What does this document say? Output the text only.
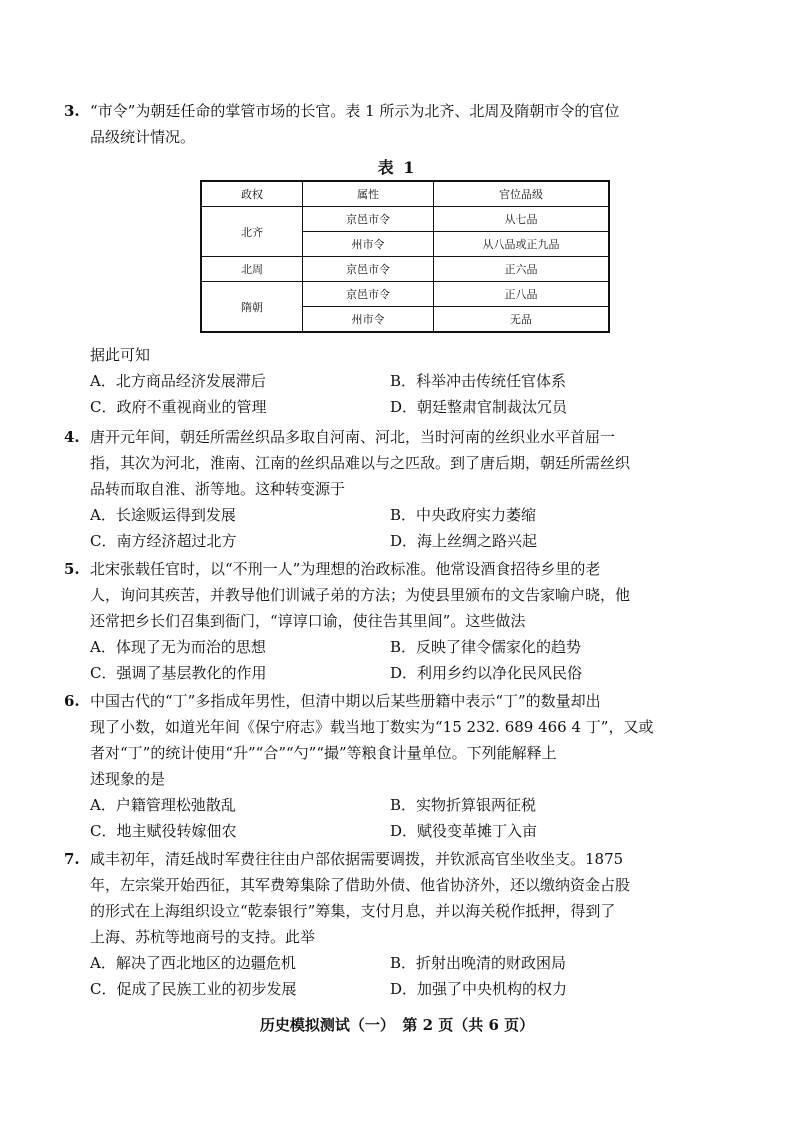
3. “市令”为朝廷任命的掌管市场的长官。表 1 所示为北齐、北周及隋朝市令的官位
品级统计情况。
表 1
政权	属性	官位品级
北齐	京邑市令	从七品
	州市令	从八品或正九品
北周	京邑市令	正六品
隋朝	京邑市令	正八品
	州市令	无品
据此可知
A．北方商品经济发展滞后	B．科举冲击传统任官体系
C．政府不重视商业的管理	D．朝廷整肃官制裁汰冗员
4. 唐开元年间，朝廷所需丝织品多取自河南、河北，当时河南的丝织业水平首屈一
指，其次为河北，淮南、江南的丝织品难以与之匹敌。到了唐后期，朝廷所需丝织
品转而取自淮、浙等地。这种转变源于
A．长途贩运得到发展	B．中央政府实力萎缩
C．南方经济超过北方	D．海上丝绸之路兴起
5. 北宋张载任官时，以“不刑一人”为理想的治政标准。他常设酒食招待乡里的老
人，询问其疾苦，并教导他们训诫子弟的方法；为使县里颁布的文告家喻户晓，他
还常把乡长们召集到衙门，“谆谆口谕，使往告其里闾”。这些做法
A．体现了无为而治的思想	B．反映了律令儒家化的趋势
C．强调了基层教化的作用	D．利用乡约以净化民风民俗
6. 中国古代的“丁”多指成年男性，但清中期以后某些册籍中表示“丁”的数量却出
现了小数，如道光年间《保宁府志》载当地丁数实为“15 232. 689 466 4 丁”，又或
者对“丁”的统计使用“升”“合”“勺”“撮”等粮食计量单位。下列能解释上
述现象的是
A．户籍管理松弛散乱	B．实物折算银两征税
C．地主赋役转嫁佃农	D．赋役变革摊丁入亩
7. 咸丰初年，清廷战时军费往往由户部依据需要调拨，并钦派高官坐收坐支。1875
年，左宗棠开始西征，其军费筹集除了借助外债、他省协济外，还以缴纳资金占股
的形式在上海组织设立“乾泰银行”筹集，支付月息，并以海关税作抵押，得到了
上海、苏杭等地商号的支持。此举
A．解决了西北地区的边疆危机	B．折射出晚清的财政困局
C．促成了民族工业的初步发展	D．加强了中央机构的权力
历史模拟测试（一）　第 2 页（共 6 页）
